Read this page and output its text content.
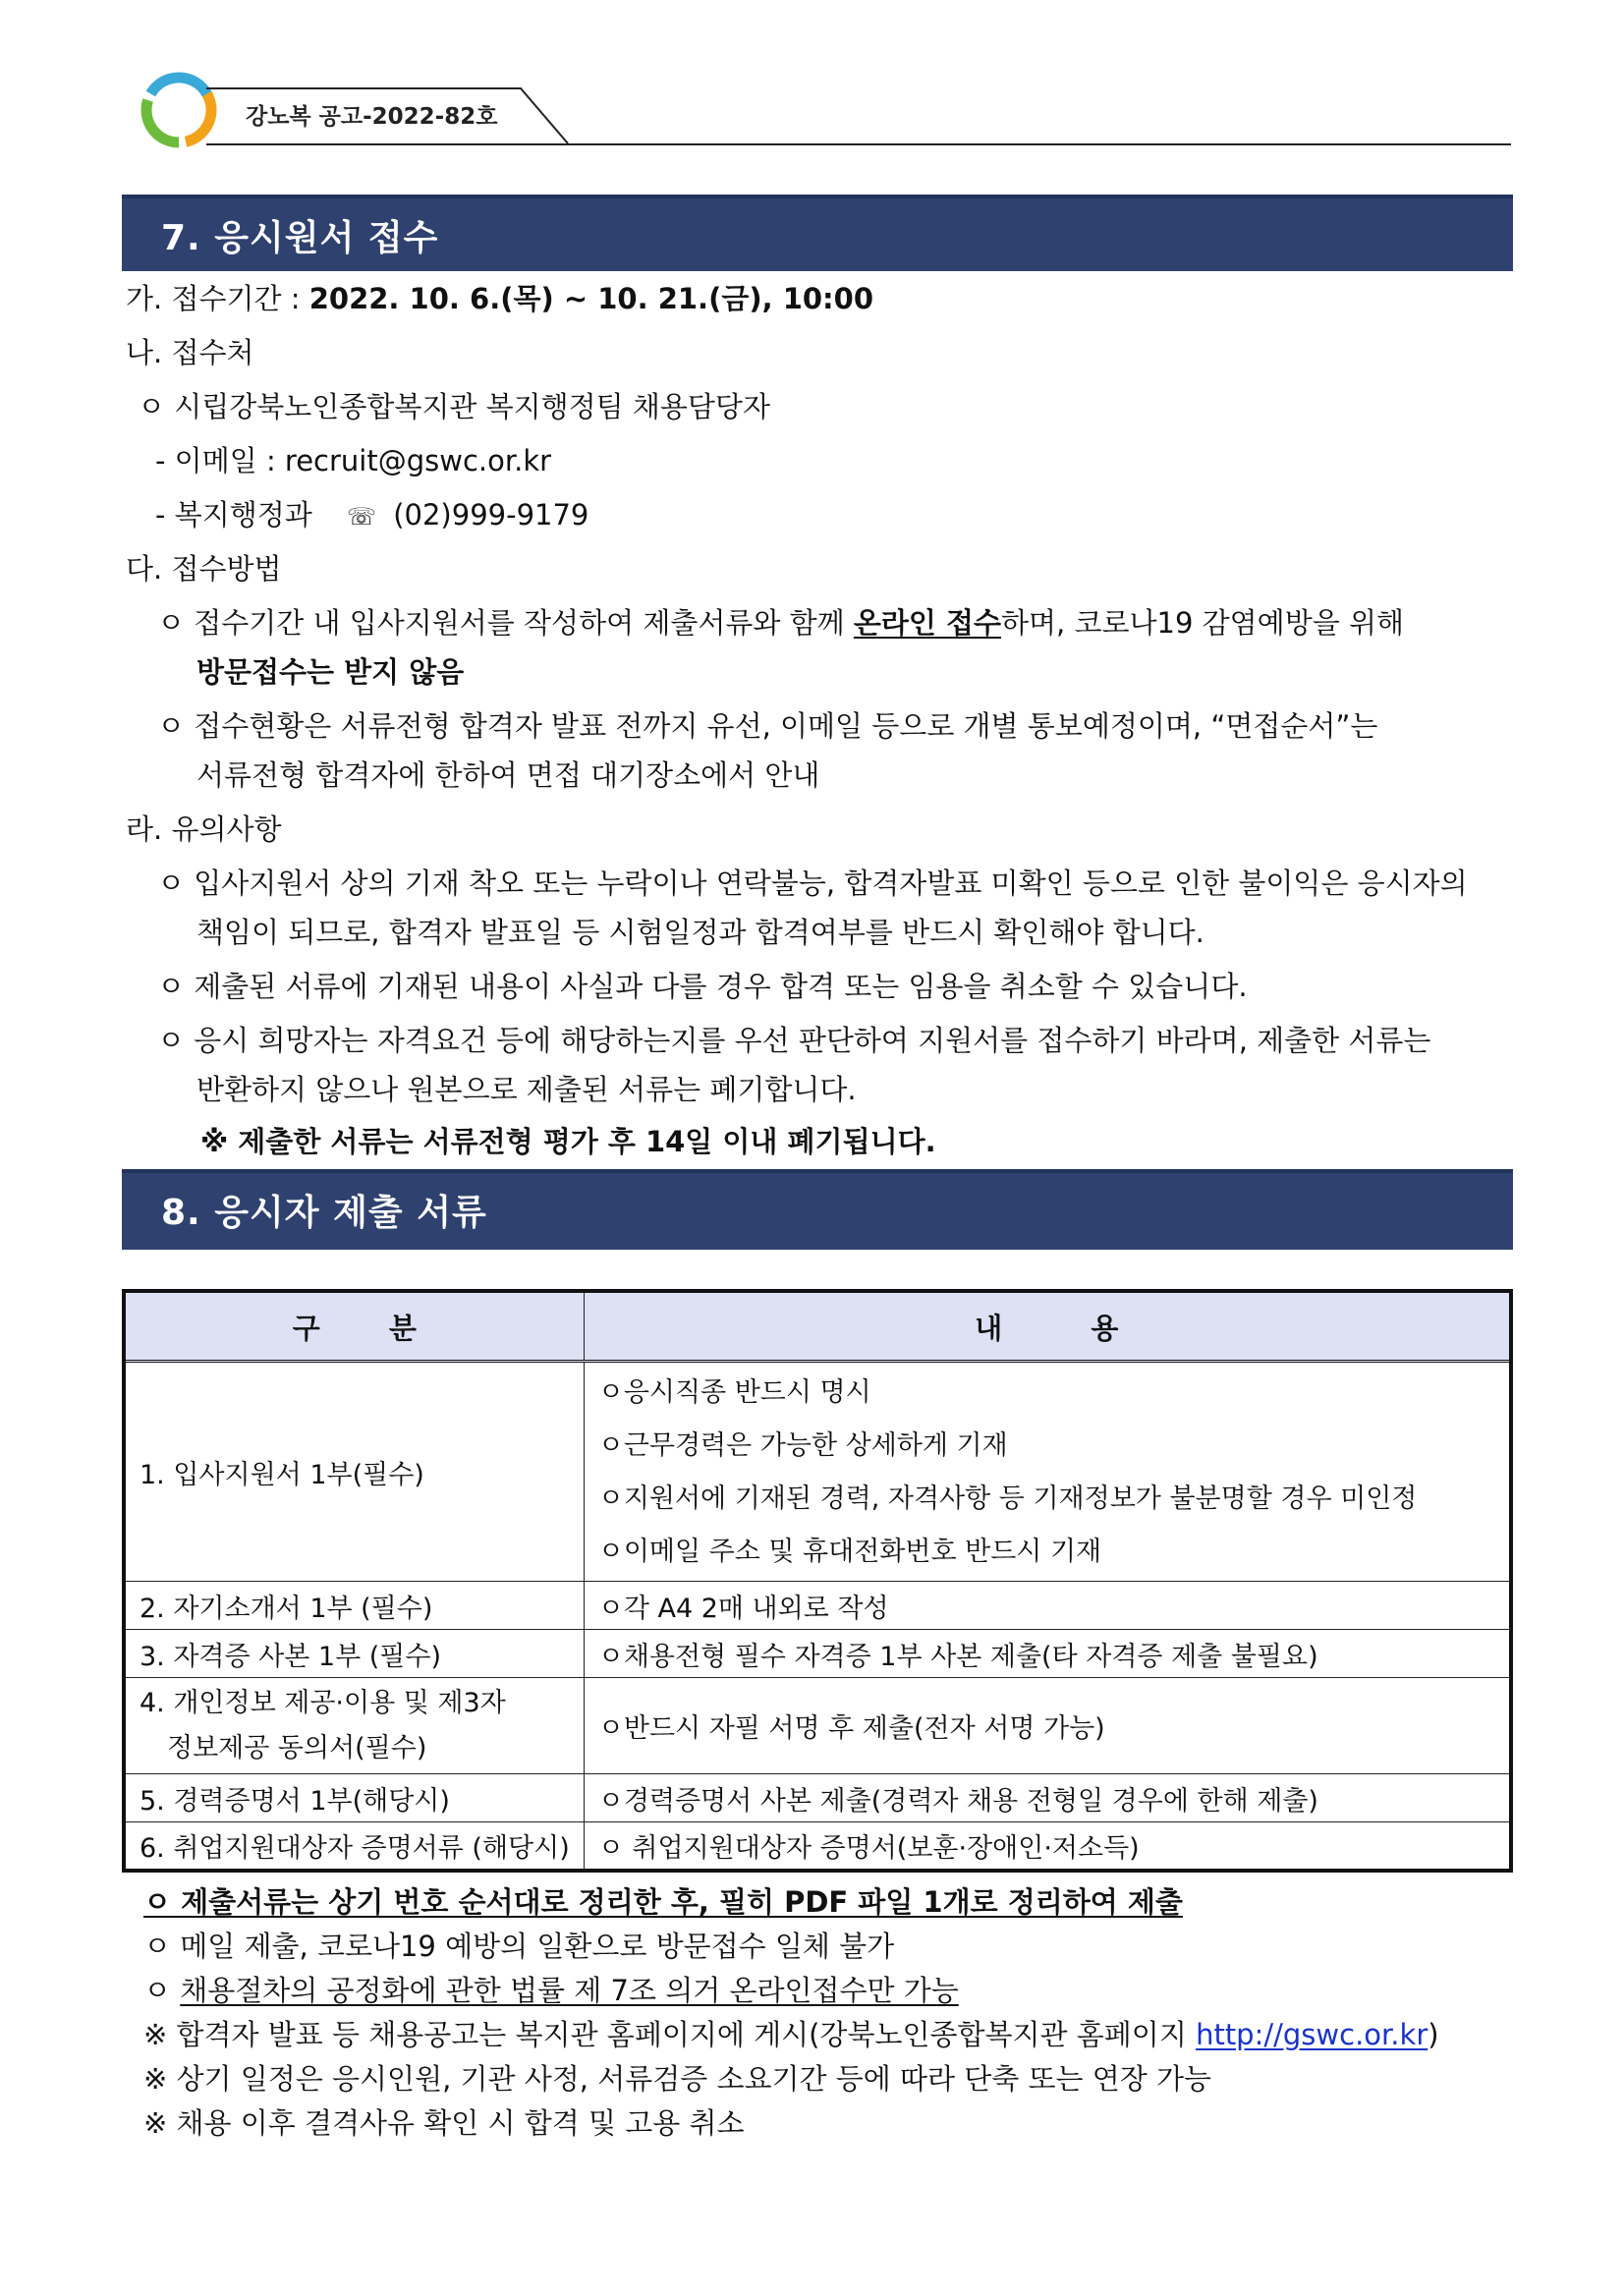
강노복 공고-2022-82호
7. 응시원서 접수
가. 접수기간 : 2022. 10. 6.(목) ~ 10. 21.(금), 10:00
나. 접수처
ㅇ 시립강북노인종합복지관 복지행정팀 채용담당자
- 이메일 : recruit@gswc.or.kr
- 복지행정과 ☏ (02)999-9179
다. 접수방법
ㅇ 접수기간 내 입사지원서를 작성하여 제출서류와 함께 온라인 접수하며, 코로나19 감염예방을 위해
방문접수는 받지 않음
ㅇ 접수현황은 서류전형 합격자 발표 전까지 유선, 이메일 등으로 개별 통보예정이며, “면접순서”는
서류전형 합격자에 한하여 면접 대기장소에서 안내
라. 유의사항
ㅇ 입사지원서 상의 기재 착오 또는 누락이나 연락불능, 합격자발표 미확인 등으로 인한 불이익은 응시자의
책임이 되므로, 합격자 발표일 등 시험일정과 합격여부를 반드시 확인해야 합니다.
ㅇ 제출된 서류에 기재된 내용이 사실과 다를 경우 합격 또는 임용을 취소할 수 있습니다.
ㅇ 응시 희망자는 자격요건 등에 해당하는지를 우선 판단하여 지원서를 접수하기 바라며, 제출한 서류는
반환하지 않으나 원본으로 제출된 서류는 폐기합니다.
※ 제출한 서류는 서류전형 평가 후 14일 이내 폐기됩니다.
8. 응시자 제출 서류
구 분	내 용
1. 입사지원서 1부(필수)	ㅇ응시직종 반드시 명시
ㅇ근무경력은 가능한 상세하게 기재
ㅇ지원서에 기재된 경력, 자격사항 등 기재정보가 불분명할 경우 미인정
ㅇ이메일 주소 및 휴대전화번호 반드시 기재

2. 자기소개서 1부 (필수)	ㅇ각 A4 2매 내외로 작성
3. 자격증 사본 1부 (필수)	ㅇ채용전형 필수 자격증 1부 사본 제출(타 자격증 제출 불필요)

4. 개인정보 제공·이용 및 제3자
정보제공 동의서(필수)	ㅇ반드시 자필 서명 후 제출(전자 서명 가능)
5. 경력증명서 1부(해당시)	ㅇ경력증명서 사본 제출(경력자 채용 전형일 경우에 한해 제출)
6. 취업지원대상자 증명서류 (해당시)	ㅇ 취업지원대상자 증명서(보훈·장애인·저소득)
ㅇ 제출서류는 상기 번호 순서대로 정리한 후, 필히 PDF 파일 1개로 정리하여 제출
ㅇ 메일 제출, 코로나19 예방의 일환으로 방문접수 일체 불가
ㅇ 채용절차의 공정화에 관한 법률 제 7조 의거 온라인접수만 가능
※ 합격자 발표 등 채용공고는 복지관 홈페이지에 게시(강북노인종합복지관 홈페이지 http://gswc.or.kr)
※ 상기 일정은 응시인원, 기관 사정, 서류검증 소요기간 등에 따라 단축 또는 연장 가능
※ 채용 이후 결격사유 확인 시 합격 및 고용 취소
